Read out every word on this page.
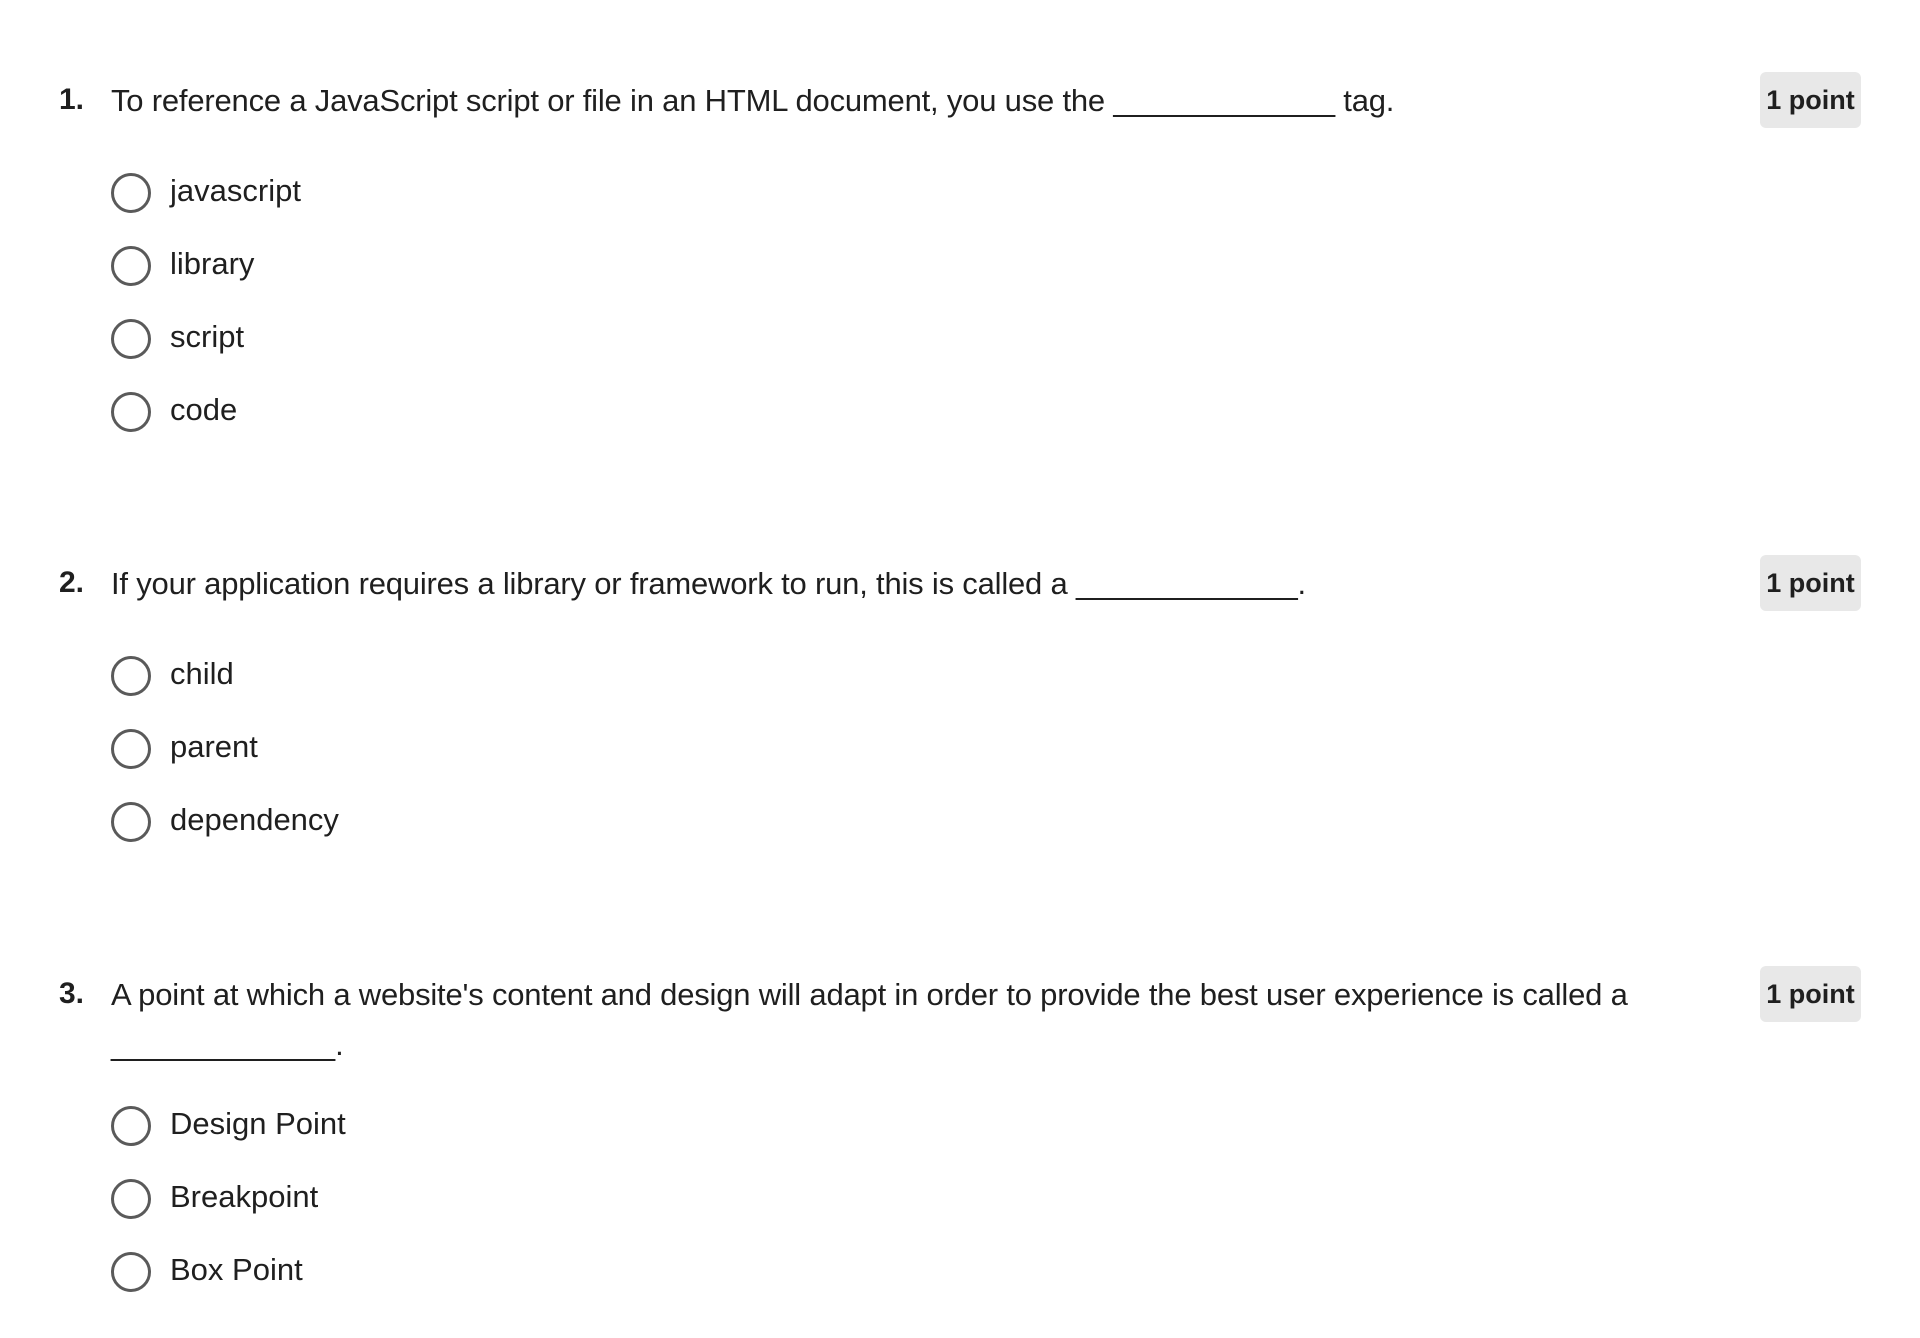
1. To reference a JavaScript script or file in an HTML document, you use the _____________ tag.	1 point
javascript
library
script
code
2. If your application requires a library or framework to run, this is called a _____________.	1 point
child
parent
dependency
3. A point at which a website's content and design will adapt in order to provide the best user experience is called a
_____________.
1 point
Design Point
Breakpoint
Box Point
